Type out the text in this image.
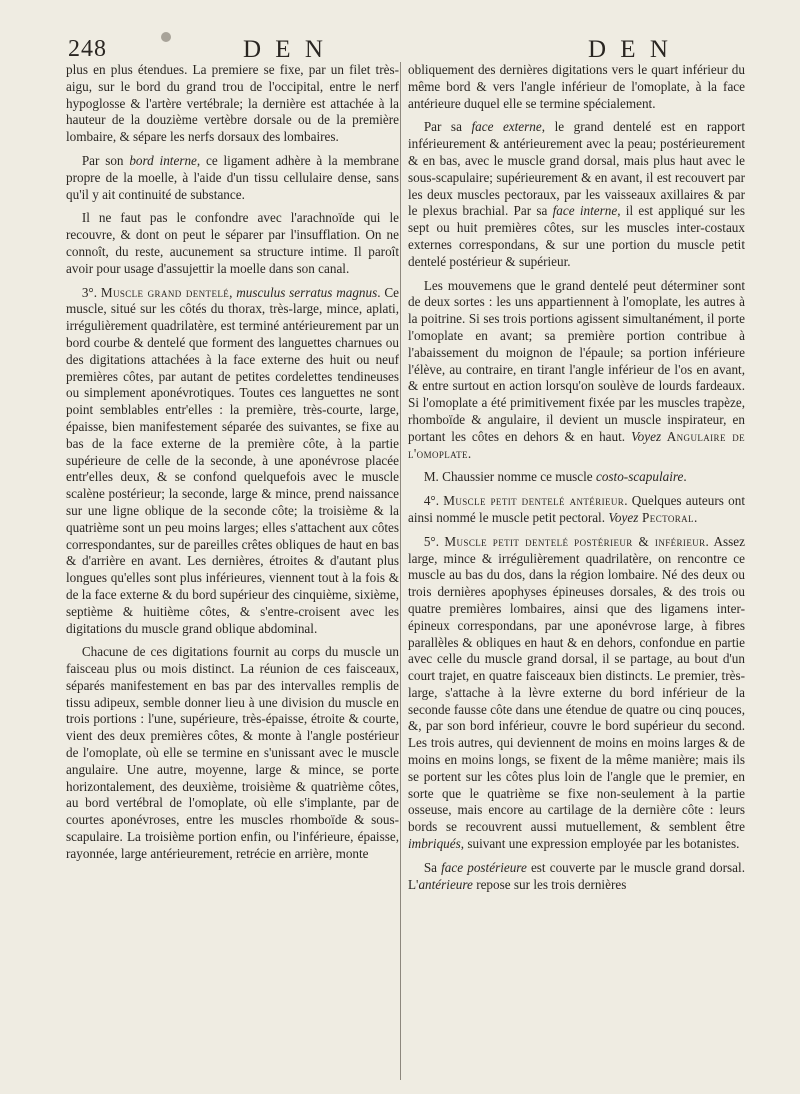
248	D E N	D E N

plus en plus étendues. La premiere se fixe, par un filet très-aigu, sur le bord du grand trou de l'occipital, entre le nerf hypoglosse & l'artère vertébrale; la dernière est attachée à la hauteur de la douzième vertèbre dorsale ou de la première lombaire, & sépare les nerfs dorsaux des lombaires.

Par son bord interne, ce ligament adhère à la membrane propre de la moelle, à l'aide d'un tissu cellulaire dense, sans qu'il y ait continuité de substance.

Il ne faut pas le confondre avec l'arachnoïde qui le recouvre, & dont on peut le séparer par l'insufflation. On ne connoît, du reste, aucunement sa structure intime. Il paroît avoir pour usage d'assujettir la moelle dans son canal.

3°. Muscle grand dentelé, musculus serratus magnus. Ce muscle, situé sur les côtés du thorax, très-large, mince, aplati, irrégulièrement quadrilatère, est terminé antérieurement par un bord courbe & dentelé que forment des languettes charnues ou des digitations attachées à la face externe des huit ou neuf premières côtes, par autant de petites cordelettes tendineuses ou simplement aponévrotiques. Toutes ces languettes ne sont point semblables entr'elles : la première, très-courte, large, épaisse, bien manifestement séparée des suivantes, se fixe au bas de la face externe de la première côte, à la partie supérieure de celle de la seconde, à une aponévrose placée entr'elles deux, & se confond quelquefois avec le muscle scalène postérieur; la seconde, large & mince, prend naissance sur une ligne oblique de la seconde côte; la troisième & la quatrième sont un peu moins larges; elles s'attachent aux côtes correspondantes, sur de pareilles crêtes obliques de haut en bas & d'arrière en avant. Les dernières, étroites & d'autant plus longues qu'elles sont plus inférieures, viennent tout à la fois & de la face externe & du bord supérieur des cinquième, sixième, septième & huitième côtes, & s'entre-croisent avec les digitations du muscle grand oblique abdominal.

Chacune de ces digitations fournit au corps du muscle un faisceau plus ou mois distinct. La réunion de ces faisceaux, séparés manifestement en bas par des intervalles remplis de tissu adipeux, semble donner lieu à une division du muscle en trois portions : l'une, supérieure, très-épaisse, étroite & courte, vient des deux premières côtes, & monte à l'angle postérieur de l'omoplate, où elle se termine en s'unissant avec le muscle angulaire. Une autre, moyenne, large & mince, se porte horizontalement, des deuxième, troisième & quatrième côtes, au bord vertébral de l'omoplate, où elle s'implante, par de courtes aponévroses, entre les muscles rhomboïde & sous-scapulaire. La troisième portion enfin, ou l'inférieure, épaisse, rayonnée, large antérieurement, retrécie en arrière, monte

obliquement des dernières digitations vers le quart inférieur du même bord & vers l'angle inférieur de l'omoplate, à la face antérieure duquel elle se termine spécialement.

Par sa face externe, le grand dentelé est en rapport inférieurement & antérieurement avec la peau; postérieurement & en bas, avec le muscle grand dorsal, mais plus haut avec le sous-scapulaire; supérieurement & en avant, il est recouvert par les deux muscles pectoraux, par les vaisseaux axillaires & par le plexus brachial. Par sa face interne, il est appliqué sur les sept ou huit premières côtes, sur les muscles inter-costaux externes correspondans, & sur une portion du muscle petit dentelé postérieur & supérieur.

Les mouvemens que le grand dentelé peut déterminer sont de deux sortes : les uns appartiennent à l'omoplate, les autres à la poitrine. Si ses trois portions agissent simultanément, il porte l'omoplate en avant; sa première portion contribue à l'abaissement du moignon de l'épaule; sa portion inférieure l'élève, au contraire, en tirant l'angle inférieur de l'os en avant, & entre surtout en action lorsqu'on soulève de lourds fardeaux. Si l'omoplate a été primitivement fixée par les muscles trapèze, rhomboïde & angulaire, il devient un muscle inspirateur, en portant les côtes en dehors & en haut. Voyez Angulaire de l'omoplate.

M. Chaussier nomme ce muscle costo-scapulaire.

4°. Muscle petit dentelé antérieur. Quelques auteurs ont ainsi nommé le muscle petit pectoral. Voyez Pectoral.

5°. Muscle petit dentelé postérieur & inférieur. Assez large, mince & irrégulièrement quadrilatère, on rencontre ce muscle au bas du dos, dans la région lombaire. Né des deux ou trois dernières apophyses épineuses dorsales, & des trois ou quatre premières lombaires, ainsi que des ligamens inter-épineux correspondans, par une aponévrose large, à fibres parallèles & obliques en haut & en dehors, confondue en partie avec celle du muscle grand dorsal, il se partage, au bout d'un court trajet, en quatre faisceaux bien distincts. Le premier, très-large, s'attache à la lèvre externe du bord inférieur de la seconde fausse côte dans une étendue de quatre ou cinq pouces, &, par son bord inférieur, couvre le bord supérieur du second. Les trois autres, qui deviennent de moins en moins larges & de moins en moins longs, se fixent de la même manière; mais ils se portent sur les côtes plus loin de l'angle que le premier, en sorte que le quatrième se fixe non-seulement à la partie osseuse, mais encore au cartilage de la dernière côte : leurs bords se recouvrent aussi mutuellement, & semblent être imbriqués, suivant une expression employée par les botanistes.

Sa face postérieure est couverte par le muscle grand dorsal. L'antérieure repose sur les trois dernières
